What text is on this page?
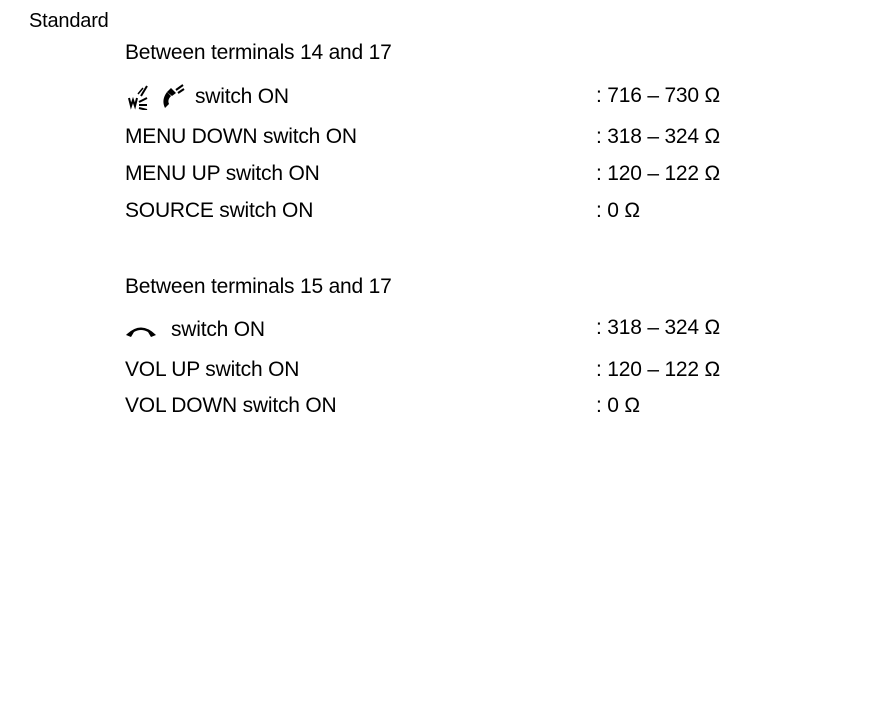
Standard
Between terminals 14 and 17
switch ON	: 716 – 730 Ω
MENU DOWN switch ON	: 318 – 324 Ω
MENU UP switch ON	: 120 – 122 Ω
SOURCE switch ON	: 0 Ω
Between terminals 15 and 17
switch ON	: 318 – 324 Ω
VOL UP switch ON	: 120 – 122 Ω
VOL DOWN switch ON	: 0 Ω
